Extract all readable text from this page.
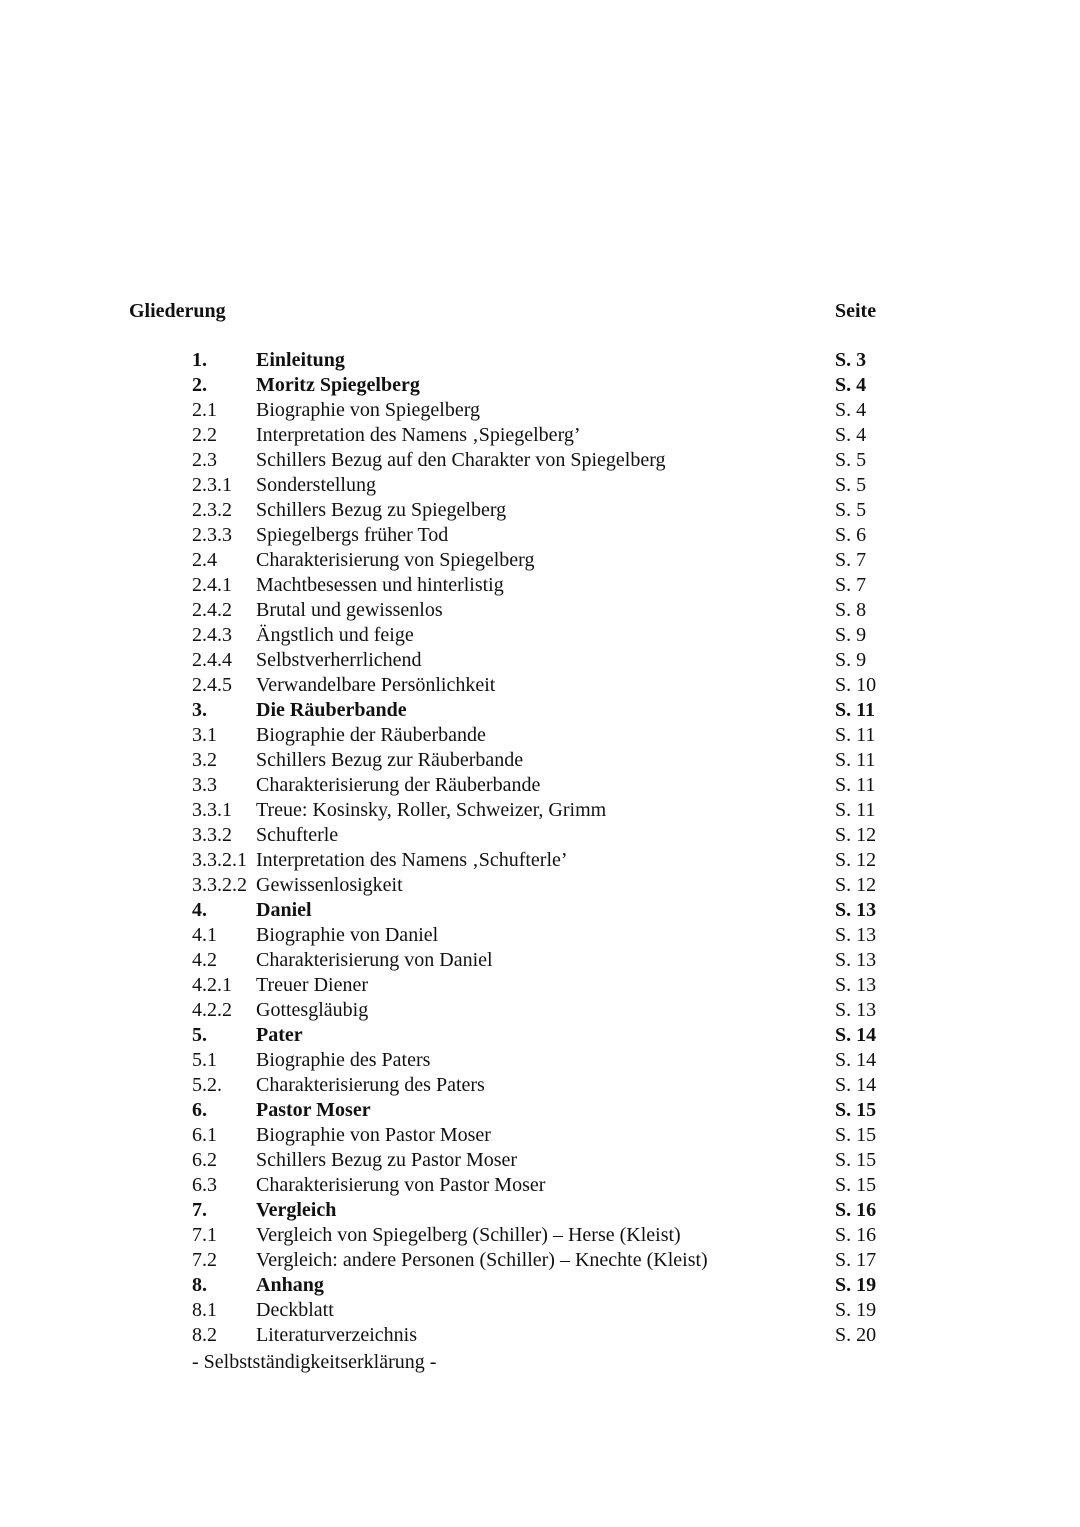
Gliederung	Seite
1. Einleitung	S. 3
2. Moritz Spiegelberg	S. 4
2.1 Biographie von Spiegelberg	S. 4
2.2 Interpretation des Namens ‚Spiegelberg’	S. 4
2.3 Schillers Bezug auf den Charakter von Spiegelberg	S. 5
2.3.1 Sonderstellung	S. 5
2.3.2 Schillers Bezug zu Spiegelberg	S. 5
2.3.3 Spiegelbergs früher Tod	S. 6
2.4 Charakterisierung von Spiegelberg	S. 7
2.4.1 Machtbesessen und hinterlistig	S. 7
2.4.2 Brutal und gewissenlos	S. 8
2.4.3 Ängstlich und feige	S. 9
2.4.4 Selbstverherrlichend	S. 9
2.4.5 Verwandelbare Persönlichkeit	S. 10
3. Die Räuberbande	S. 11
3.1 Biographie der Räuberbande	S. 11
3.2 Schillers Bezug zur Räuberbande	S. 11
3.3 Charakterisierung der Räuberbande	S. 11
3.3.1 Treue: Kosinsky, Roller, Schweizer, Grimm	S. 11
3.3.2 Schufterle	S. 12
3.3.2.1 Interpretation des Namens ‚Schufterle’	S. 12
3.3.2.2 Gewissenlosigkeit	S. 12
4. Daniel	S. 13
4.1 Biographie von Daniel	S. 13
4.2 Charakterisierung von Daniel	S. 13
4.2.1 Treuer Diener	S. 13
4.2.2 Gottesgläubig	S. 13
5. Pater	S. 14
5.1 Biographie des Paters	S. 14
5.2. Charakterisierung des Paters	S. 14
6. Pastor Moser	S. 15
6.1 Biographie von Pastor Moser	S. 15
6.2 Schillers Bezug zu Pastor Moser	S. 15
6.3 Charakterisierung von Pastor Moser	S. 15
7. Vergleich	S. 16
7.1 Vergleich von Spiegelberg (Schiller) – Herse (Kleist)	S. 16
7.2 Vergleich: andere Personen (Schiller) – Knechte (Kleist)	S. 17
8. Anhang	S. 19
8.1 Deckblatt	S. 19
8.2 Literaturverzeichnis	S. 20
- Selbstständigkeitserklärung -
